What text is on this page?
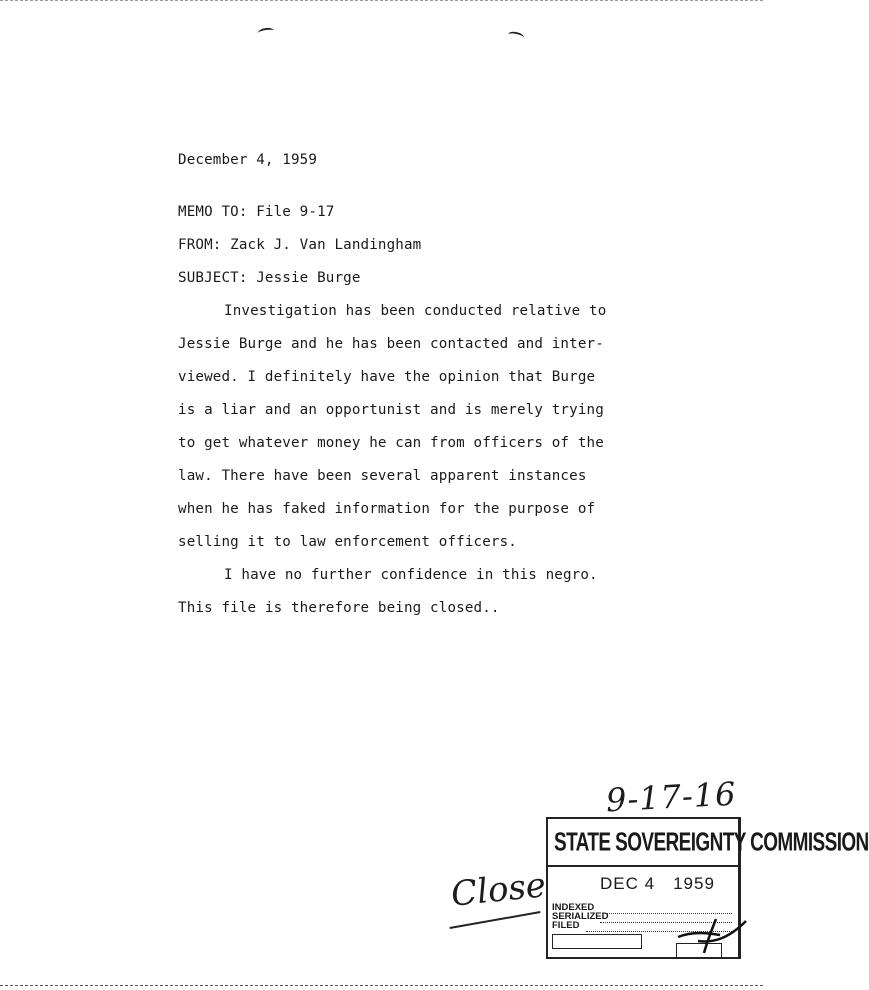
December 4, 1959
MEMO TO: File 9-17
FROM: Zack J. Van Landingham
SUBJECT: Jessie Burge
Investigation has been conducted relative to
Jessie Burge and he has been contacted and inter-
viewed. I definitely have the opinion that Burge
is a liar and an opportunist and is merely trying
to get whatever money he can from officers of the
law. There have been several apparent instances
when he has faked information for the purpose of
selling it to law enforcement officers.
I have no further confidence in this negro.
This file is therefore being closed..
9-17-16
STATE SOVEREIGNTY COMMISSION
DEC 4 1959
INDEXED
SERIALIZED
FILED
Close
